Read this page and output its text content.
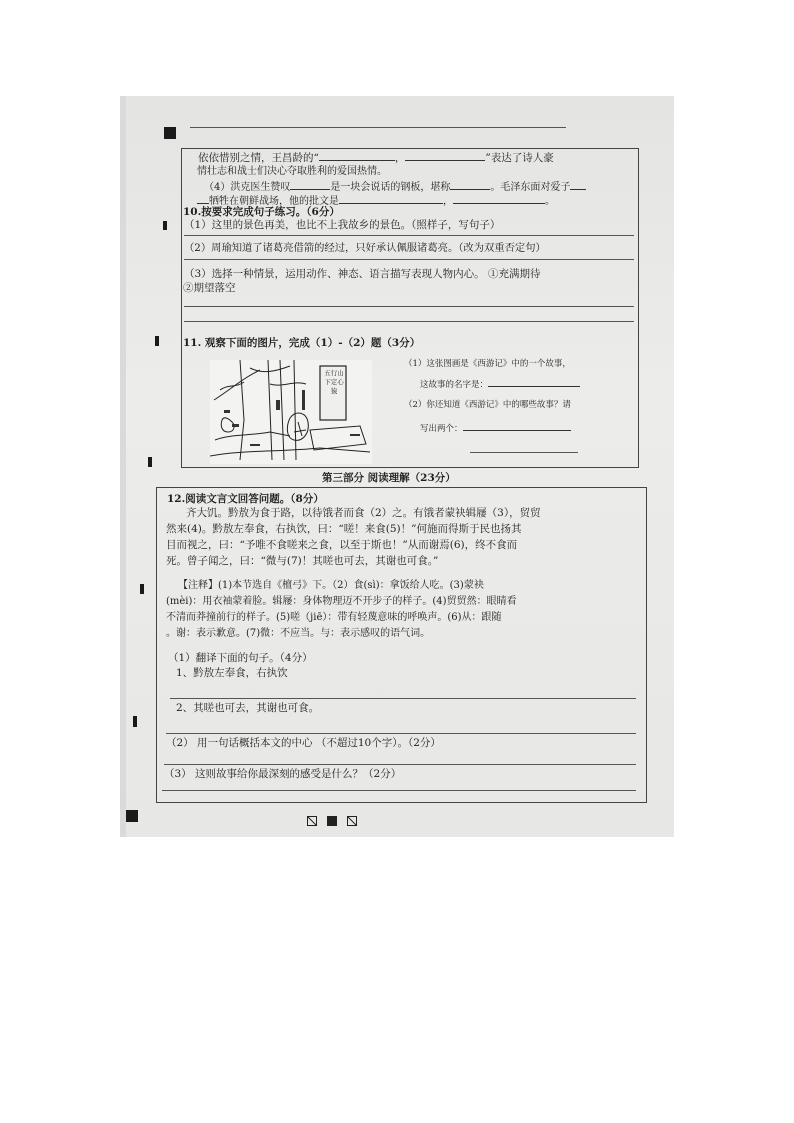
依依惜别之情，王昌龄的“	，	”表达了诗人豪
情壮志和战士们决心夺取胜利的爱国热情。
（4）洪克医生赞叹	是一块会说话的钢板，堪称	。毛泽东面对爱子
牺牲在朝鲜战场，他的批文是	，	。
10.按要求完成句子练习。（6分）
（1）这里的景色再美，也比不上我故乡的景色。（照样子，写句子）
（2）周瑜知道了诸葛亮借箭的经过，只好承认佩服诸葛亮。（改为双重否定句）
（3）选择一种情景，运用动作、神态、语言描写表现人物内心。 ①充满期待
②期望落空
11. 观察下面的图片，完成（1）-（2）题（3分）
五行山下定心猿
（1）这张图画是《西游记》中的一个故事，
这故事的名字是：
（2）你还知道《西游记》中的哪些故事？请
写出两个：
第三部分 阅读理解（23分）
12.阅读文言文回答问题。（8分）
齐大饥。黔敖为食于路，以待饿者而食（2）之。有饿者蒙袂辑屦（3），贸贸
然来(4)。黔敖左奉食，右执饮，曰：“嗟！来食(5)！”何施而得斯于民也扬其
目而视之，曰：“予唯不食嗟来之食，以至于斯也！”从而谢焉(6)，终不食而
死。曾子闻之，曰：“微与(7)！其嗟也可去，其谢也可食。”
【注释】(1)本节选自《檀弓》下。（2）食(sì)：拿饭给人吃。(3)蒙袂
(mèi)：用衣袖蒙着脸。辑屦：身体物理迈不开步子的样子。(4)贸贸然：眼睛看
不清而莽撞前行的样子。(5)嗟（jiē）：带有轻蔑意味的呼唤声。(6)从：跟随
。谢：表示歉意。(7)微：不应当。与：表示感叹的语气词。
（1）翻译下面的句子。（4分）
1、黔敖左奉食，右执饮
2、其嗟也可去，其谢也可食。
（2） 用一句话概括本文的中心 （不超过10个字）。（2分）
（3） 这则故事给你最深刻的感受是什么？（2分）
